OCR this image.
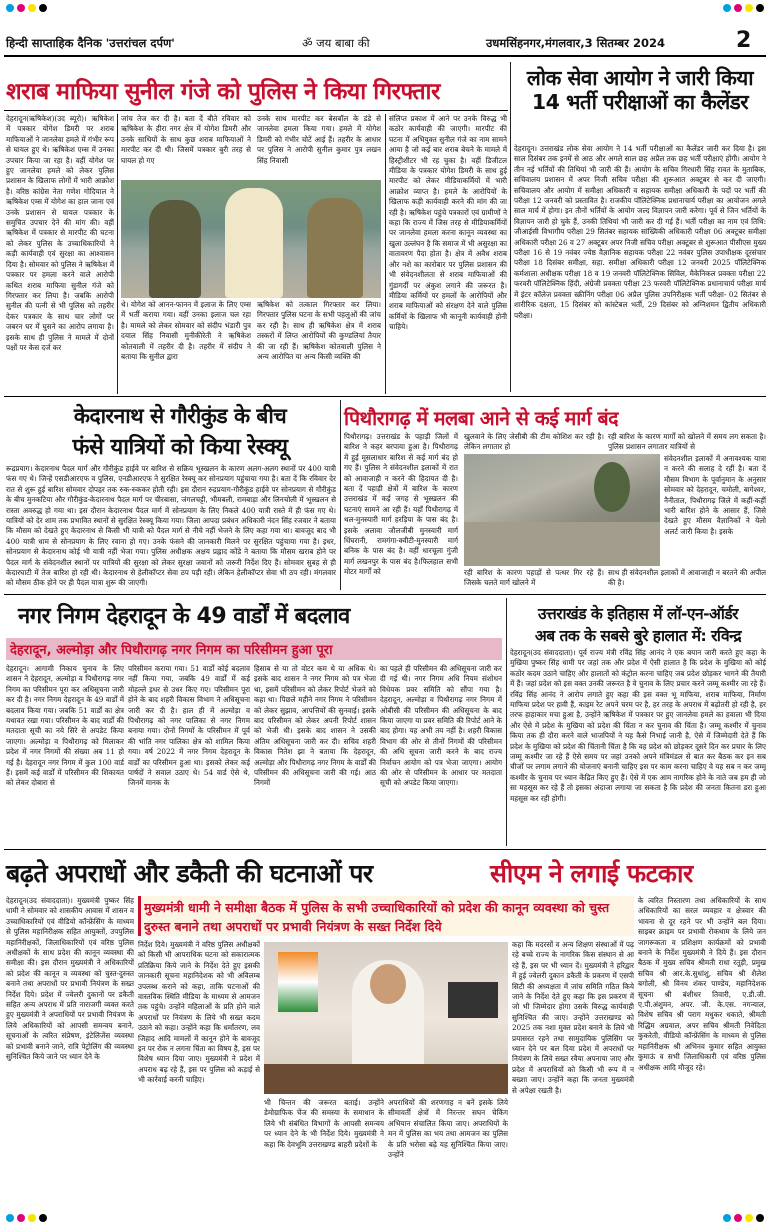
हिन्दी साप्ताहिक दैनिक 'उत्तरांचल दर्पण'	ॐ जय बाबा की	उधमसिंहनगर,मंगलवार,3 सितम्बर 2024	2
शराब माफिया सुनील गंजे को पुलिस ने किया गिरफ्तार
देहरादून(ऋषिकेश)(उद ब्यूरो)। ऋषिकेश में पत्रकार योगेश डिमरी पर शराब माफियाओं ने जानलेवा हमले में गंभीर रूप से घायल हुए थे। ऋषिकेश एम्स में उनका उपचार किया जा रहा है। वहीं योगेश पर हुए जानलेवा हमले को लेकर पुलिस प्रशासन के खिलाफ लोगों में भारी आक्रोश है। वरिष्ठ कांग्रेस नेता गणेश गोदियाल ने ऋषिकेश एम्स में योगेश का हाल जाना एवं उनके प्रशासन से घायल पत्रकार के समुचित उपचार देने की मांग की। वहीं ऋषिकेश में पत्रकार से मारपीट की घटना को लेकर पुलिस के उच्चाधिकारियों ने कड़ी कार्यवाही एवं सुरक्षा का आश्वासन दिया है। सोमवार को पुलिस ने ऋषिकेश में पत्रकार पर हमला करने वाले आरोपी कथित शराब माफिया सुनील गंजे को गिरफ्तार कर लिया है। जबकि आरोपी सुनील की पत्नी से भी पुलिस को तहरीर देकर पत्रकार के साथ चार लोगों पर जबरन घर में घुसने का आरोप लगाया है। इसके साथ ही पुलिस ने मामले में दोनों पक्षों पर केस दर्ज कर
जांच तेज कर दी है। बता दें बीते रविवार को ऋषिकेश के हीरा नगर क्षेत्र में योगेश डिमरी और उनके साथियों के साथ कुछ शराब माफियाओं ने मारपीट कर दी थी। जिसमें पत्रकार बुरी तरह से घायल हो गए
उनके साथ मारपीट कर बेसबॉल के डंडे से जानलेवा हमला किया गया। हमले में योगेश डिमरी को गंभीर चोटें आई हैं। तहरीर के आधार पर पुलिस ने आरोपी सुनील कुमार पुत्र लखन सिंह निवासी
थे। योगेश को आनन-फानन में इलाज के लिए एम्स में भर्ती कराया गया। वहीं उनका इलाज चल रहा है। मामले को लेकर सोमवार को संदीप भंडारी पुत्र दयाल सिंह निवासी मुनीकीरेती ने ऋषिकेश कोतवाली में तहरीर दी है। तहरीर में संदीप ने बताया कि सुनील द्वारा
ऋषिकेश को तत्काल गिरफ्तार कर लिया। गिरफ्तार पुलिस घटना के सभी पहलुओं की जांच कर रही है। साथ ही ऋषिकेश क्षेत्र में शराब तस्करों में लिप्त आरोपियों की कुण्डलियां तैयार की जा रही हैं। ऋषिकेश कोतवाली पुलिस ने अन्य आरोपित या अन्य किसी व्यक्ति की
संलिप्त प्रकाश में आने पर उनके विरुद्ध भी कठोर कार्यवाही की जाएगी। मारपीट की घटना में अभियुक्त सुनील गंजे का नाम सामने आया है जो कई बार शराब बेचने के मामले में हिस्ट्रीशीटर भी रह चुका है। वहीं डिजीटल मीडिया के पत्रकार योगेश डिमरी के साथ हुई मारपीट को लेकर मीडियाकर्मियों में भारी आक्रोश व्याप्त है। हमले के आरोपियों के खिलाफ कड़ी कार्यवाही करने की मांग की जा रही है। ऋषिकेश पहुंचे पत्रकारों एवं ग्रामीणों ने कहा कि राज्य में जिस तरह से मीडियाकर्मियों पर जानलेवा हमला करना कानून व्यवस्था का खुला उल्लंघन है कि समाज में भी असुरक्षा का वातावरण पैदा होता है। क्षेत्र में अवैध शराब और नशे का कारोबार पर पुलिस प्रशासन की भी संवेदनशीलता से शराब माफियाओं की गुंडागर्दी पर अंकुश लगाने की जरूरत है। मीडिया कर्मियों पर हमलों के आरोपियों और शराब माफियाओं को संरक्षण देने वाले पुलिस कर्मियों के खिलाफ भी कानूनी कार्यवाही होनी चाहिये।
लोक सेवा आयोग ने जारी किया 14 भर्ती परीक्षाओं का कैलेंडर
देहरादून। उत्तराखंड लोक सेवा आयोग ने 14 भर्ती परीक्षाओं का कैलेंडर जारी कर दिया है। इस साल दिसंबर तक इनमें से आठ और अगले साल छह अप्रैल तक छह भर्ती परीक्षाएं होंगी। आयोग ने तीन नई भर्तियों की तिथियां भी जारी की हैं। आयोग के सचिव गिरधारी सिंह रावत के मुताबिक, सचिवालय प्रशासन में अपर निजी सचिव परीक्षा की शुरूआत अक्टूबर से कर दी जाएगी। सचिवालय और आयोग में समीक्षा अधिकारी व सहायक समीक्षा अधिकारी के पदों पर भर्ती की परीक्षा 12 जनवरी को प्रस्तावित है। राजकीय पॉलिटेक्निक प्रधानाचार्य परीक्षा का आयोजन अगले साल मार्च में होगा। इन तीनों भर्तियों के आयोग जल्द विज्ञापन जारी करेगा। पूर्व से जिन भर्तियों के विज्ञापन जारी हो चुके हैं, उनकी तिथियां भी जारी कर दी गई हैं। भर्ती परीक्षा का नाम एवं तिथि: जीआईसी विभागीय परीक्षा 29 सितंबर सहायक सांख्यिकी अधिकारी परीक्षा 06 अक्टूबर समीक्षा अधिकारी परीक्षा 26 व 27 अक्टूबर अपर निजी सचिव परीक्षा अक्टूबर से शुरूआत पीसीएस मुख्य परीक्षा 16 से 19 नवंबर ज्येष्ठ वैज्ञानिक सहायक परीक्षा 22 नवंबर पुलिस उपाधीक्षक दूरसंचार परीक्षा 18 दिसंबर समीक्षा, सहा. समीक्षा अधिकारी परीक्षा 12 जनवरी 2025 पॉलिटेक्निक कर्मशाला अधीक्षक परीक्षा 18 व 19 जनवरी पॉलिटेक्निक सिविल, मैकेनिकल प्रवक्ता परीक्षा 22 फरवरी पॉलिटेक्निक हिंदी, अंग्रेजी प्रवक्ता परीक्षा 23 फरवरी पॉलिटेक्निक प्रधानाचार्य परीक्षा मार्च में इंटर कॉलेज प्रवक्ता स्क्रीनिंग परीक्षा 06 अप्रैल पुलिस उपनिरीक्षक भर्ती परीक्षा- 02 सितंबर से शारीरिक दक्षता, 15 दिसंबर को कांस्टेबल भर्ती, 29 दिसंबर को अग्निशमन द्वितीय अधिकारी परीक्षा।
केदारनाथ से गौरीकुंड के बीच
फंसे यात्रियों को किया रेस्क्यू
रूद्रप्रयाग। केदारनाथ पैदल मार्ग और गौरीकुंड हाईवे पर बारिश से सक्रिय भूस्खलन के कारण अलग-अलग स्थानों पर 400 यात्री फंस गए थे। जिन्हें एसडीआरएफ व पुलिस, एनडीआरएफ ने सुरक्षित रेस्क्यू कर सोनप्रयाग पहुंचाया गया है। बता दें कि रविवार देर रात से शुरू हुई बारिश सोमवार दोपहर तक रुक-रुककर होती रही। इस दौरान रुद्रप्रयाग-गौरीकुंड हाईवे पर सोनप्रयाग से गौरीकुंड के बीच मुनकटिया और गौरीकुंड-केदारनाथ पैदल मार्ग पर चीरबासा, जंगलचट्टी, भीमबली, रामबाड़ा और लिनचोली में भूस्खलन से रास्ता अवरुद्ध हो गया था। इस दौरान केदारनाथ पैदल मार्ग में सोनप्रयाग के लिए निकले 400 यात्री रास्ते में ही फंस गए थे। यात्रियों को देर शाम तक प्रभावित स्थानों से सुरक्षित रेस्क्यू किया गया। जिला आपदा प्रबंधन अधिकारी नंदन सिंह रजवार ने बताया कि मौसम को देखते हुए केदारनाथ से किसी भी यात्री को पैदल मार्ग से नीचे नहीं भेजने के लिए कहा गया था। बावजूद बाद भी 400 यात्री धाम से सोनप्रयाग के लिए रवाना हो गए। उनके फंसने की जानकारी मिलने पर सुरक्षित पहुंचाया गया है। इधर, सोनप्रयाग से केदारनाथ कोई भी यात्री नहीं भेजा गया। पुलिस अधीक्षक अक्षय प्रह्लाद कोंडे ने बताया कि मौसम खराब होने पर पैदल मार्ग के संवेदनशील स्थानों पर यात्रियों की सुरक्षा को लेकर सुरक्षा जवानों को जरूरी निर्देश दिए हैं। सोमवार सुबह से ही केदारघाटी में तेज बारिश हो रही थी। केदारनाथ से हेलीकॉप्टर सेवा ठप पड़ी रही। लेकिन हेलीकॉप्टर सेवा भी ठप रही। मंगलवार को मौसम ठीक होने पर ही पैदल यात्रा शुरू की जाएगी।
पिथौरागढ़ में मलबा आने से कई मार्ग बंद
पिथौरागढ़। उत्तराखंड के पहाड़ी जिलों में बारिश ने कहर बरपाया हुआ है। पिथौरागढ़ में हुई मूसलाधार बारिश से कई मार्ग बंद हो गए हैं। पुलिस ने संवेदनशील इलाकों में रात को आवाजाही न करने की हिदायत दी है। बता दें पहाड़ी क्षेत्रों में बारिश के कारण उत्तराखंड में कई जगह से भूस्खलन की घटनाएं सामने आ रही हैं। यहाँ पिथौरागढ़ में थल-मुनस्यारी मार्ग हरड़िया के पास बंद है। इसके अलावा जौलजीबी मुनस्यारी मार्ग धिंघरानी, रामगंगा-क्वीटी-मुनस्यारी मार्ग बनिक के पास बंद है। वहीं धारचूला गुंजी मार्ग लखनपुर के पास बंद है।फिलहाल सभी मोटर मार्गों को
खुलवाने के लिए जेसीबी की टीम कोशिश कर रही है। लेकिन लगातार हो
रही बारिश के कारण मार्गों को खोलने में समय लग सकता है। पुलिस प्रशासन लगातार यात्रियों से
संवेदनशील इलाकों में अनावश्यक यात्रा न करने की सलाह दे रहीं है। बता दें मौसम विभाग के पूर्वानुमान के अनुसार सोमवार को देहरादून, चमोली, बागेश्वर, नैनीताल, पिथौरागढ़ जिले में कहीं-कहीं भारी बारिश होने के आसार हैं, जिसे देखते हुए मौसम वैज्ञानिकों ने येलो अलर्ट जारी किया है। इसके
रही बारिश के कारण पहाड़ों से पत्थर गिर रहे हैं। जिसके चलते मार्ग खोलने में
साथ ही संवेदनशील इलाकों में आवाजाही न बरतने की अपील की है।
नगर निगम देहरादून के 49 वार्डों में बदलाव
देहरादून, अल्मोड़ा और पिथौरागढ़ नगर निगम का परिसीमन हुआ पूरा
देहरादून। आगामी निकाय चुनाव के लिए शासन ने देहरादून, अल्मोड़ा व पिथौरागढ़ नगर निगम का परिसीमन पूरा कर अधिसूचना जारी कर दी है। नगर निगम देहरादून के 49 वार्डों में बदलाव किया गया। जबकि 51 वार्डों का क्षेत्र यथावत रखा गया। परिसीमन के बाद वार्डों की मतदाता सूची का नये सिरे से अपडेट किया जाएगा। अल्मोड़ा व पिथौरागढ़ को मिलाकर प्रदेश में नगर निगमों की संख्या अब 11 हो गई है। देहरादून नगर निगम में कुल 100 वार्ड हैं। इसमें कई वार्डों में परिसीमन की शिकायत को लेकर दोबारा से
परिसीमन कराया गया। 51 वार्डों कोई बदलाव नहीं किया गया, जबकि 49 वार्डों में कई मोहल्ले इधर से उधर किए गए। परिसीमन पूरा होने के बाद शहरी विकास विभाग ने अधिसूचना जारी कर दी है। हाल ही में अल्मोड़ा व पिथौरागढ़ को नगर पालिका से नगर निगम बनाया गया। दोनों निगमों के परिसीमन में पूर्व की भांति नगर पालिका क्षेत्र को शामिल किया गया। वर्ष 2022 में नगर निगम देहरादून के वार्डों का परिसीमन हुआ था। इसको लेकर कई पार्षदों ने सवाल उठाए थे। 54 वार्ड ऐसे थे, जिनमें मानक के
हिसाब से या तो वोटर कम थे या अधिक थे। इसके बाद शासन ने नगर निगम को पत्र भेजा था, इसमें परिसीमन को लेकर रिपोर्ट भेजने को कहा था। पिछले महीने नगर निगम ने परिसीमन को लेकर सुझाव, आपत्तियों की सुनवाई। इसके बाद परिसीमन को लेकर अपनी रिपोर्ट शासन को भेजी थी। इसके बाद शासन ने उसकी अंतिम अधिसूचना जारी कर दी। सचिव शहरी विकास नितेश झा ने बताया कि देहरादून, अल्मोड़ा और पिथौरागढ़ नगर निगम के वार्डों की परिसीमन की अधिसूचना जारी की गई। आठ निगमों
का पहले ही परिसीमन की अधिसूचना जारी कर दी गई थी। नगर निगम अधि नियम संशोधन विधेयक प्रवर समिति को सौंपा गया है। देहरादून, अल्मोड़ा व पिथौरागढ़ नगर निगम में ओबीसी की परिसीमन की अधिसूचना के बाद किया जाएगा या प्रवर समिति की रिपोर्ट आने के बाद होगा। यह अभी तय नहीं है। शहरी विकास विभाग की ओर से तीनों निगमों की परिसीमन की अधि सूचना जारी करने के बाद राज्य निर्वाचन आयोग को पत्र भेजा जाएगा। आयोग की ओर से परिसीमन के आधार पर मतदाता सूची को अपडेट किया जाएगा।
उत्तराखंड के इतिहास में लॉ-एन-ऑर्डर
अब तक के सबसे बुरे हालात में: रविन्द्र
देहरादून(उद संवाददाता)। पूर्व राज्य मंत्री रविंद्र सिंह आनंद ने एक बयान जारी करते हुए कहा के मुखिया पुष्कर सिंह धामी पर जहां तक और प्रदेश में ऐसी हालात है कि प्रदेश के मुखिया को कोई कठोर कदम उठाने चाहिए और हालातों को कंट्रोल करना चाहिए जब प्रदेश छोड़कर भागने की तैयारी में हैं। जहां प्रदेश को इस वक्त उनकी जरूरत है वे चुनाव के लिए प्रचार करने जम्मू कश्मीर जा रहे हैं। रविंद्र सिंह आनंद ने आरोप लगाते हुए कहा की इस वक्त भू माफिया, शराब माफिया, निर्माण माफिया प्रदेश पर हावी हैं, काइम रेट अपने चरम पर है, हर तरह के अपराध में बढ़ोतरी हो रही है, हर तरफ हाहाकार मचा हुआ है, उन्होंने ऋषिकेश में पत्रकार पर हुए जानलेवा हमले का हवाला भी दिया और ऐसे में प्रदेश के मुखिया को प्रदेश की चिंता न कर चुनाव की चिंता है। जम्मू कश्मीर में चुनाव किया तक ही दौरा करने वाले भाजपियों ने यह कैसे निभाई जानी है, ऐसे में जिम्मेदारी देते हैं कि प्रदेश के मुखिया को प्रदेश की चिंतानी चिंता है कि वह प्रदेश को छोड़कर दूसरे दिन कर प्रचार के लिए जम्मू कश्मीर जा रहे हैं ऐसे समय पर जहां उनको अपने मंत्रिमंडल से बात कर बैठक कर इन सब चीजों पर लगाम लगाने की योजनाएं बनानी चाहिए इस पर काम करना चाहिए वे यह सब न कर जम्मू कश्मीर के चुनाव पर ध्यान केंद्रित किए हुए हैं। ऐसे में एक आम नागरिक होने के नाते जब हम ही जो सा महसूस कर रहे हैं तो इसका अंदाजा लगाया जा सकता है कि प्रदेश की जनता कितना डरा हुआ महसूस कर रही होगी।
बढ़ते अपराधों और डकैती की घटनाओं पर	सीएम ने लगाई फटकार
देहरादून(उद संवाददाता)। मुख्यमंत्री पुष्कर सिंह धामी ने सोमवार को शासकीय आवास में शासन व उच्चाधिकारियों एवं वीडियो कॉन्फ्रेंसिंग के माध्यम से पुलिस महानिरीक्षक सहित आयुक्तों, उपपुलिस महानिरीक्षकों, जिलाधिकारियों एवं वरिष्ठ पुलिस अधीक्षकों के साथ प्रदेश की कानून व्यवस्था की समीक्षा की। इस दौरान मुख्यमंत्री ने अधिकारियों को प्रदेश की कानून व व्यवस्था को चुस्त-दुरुस्त बनाने तथा अपराधों पर प्रभावी नियंत्रण के सख्त निर्देश दिये। प्रदेश में ज्वेलरी दुकानों पर डकैती सहित अन्य अपराध में प्रति नाराजगी व्यक्त करते हुए मुख्यमंत्री ने अपराधियों पर प्रभावी नियंत्रण के लिये अधिकारियों को आपसी समन्वय बनाने, सूचनाओं के त्वरित संप्रेषण, इंटेलिजेंस व्यवस्था को प्रभावी बनाने जाने, रात्रि पेट्रोलिंग की व्यवस्था सुनिश्चित किये जाने पर ध्यान देने के
मुख्यमंत्री धामी ने समीक्षा बैठक में पुलिस के सभी उच्चाधिकारियों को प्रदेश की कानून व्यवस्था को चुस्त दुरुस्त बनाने तथा अपराधों पर प्रभावी नियंत्रण के सख्त निर्देश दिये
निर्देश दिये। मुख्यमंत्री ने वरिष्ठ पुलिस अधीक्षकों को किसी भी आपराधिक घटना को सकारात्मक प्रतिक्रिया किये जाने के निर्देश देते हुए इसकी जानकारी सूचना महानिदेशक को भी अविलम्ब उपलब्ध कराने को कहा, ताकि घटनाओं की वास्तविक स्थिति मीडिया के माध्यम से आमजन तक पहुंचे। उन्होंने महिलाओं के प्रति होने वाले अपराधों पर नियंत्रण के लिये भी सख्त कदम उठाने को कहा। उन्होंने कहा कि धर्मांतरण, लव जिहाद आदि मामलों में कानून होने के बावजूद इन पर रोक न लगना चिंता का विषय है, इस पर विशेष ध्यान दिया जाए। मुख्यमंत्री ने प्रदेश में अपराध बढ़ रहे हैं, इस पर पुलिस को कड़ाई से भी कार्रवाई करनी चाहिए।
भी चिन्तन की जरूरत बताई। उन्होंने डेमोग्राफिक चेंज की समस्या के समाधान के लिये भी संबंधित विभागों के आपसी समन्वय पर ध्यान देने के भी निर्देश दिये। मुख्यमंत्री ने कहा कि देवभूमि उत्तराखण्ड बाहरी प्रदेशों के
अपराधियों की शरणगाह न बनें इसके लिये सीमावर्ती क्षेत्रों में निरन्तर सघन चेकिंग अभियान संचालित किया जाए। अपराधियों के मन में पुलिस का भय तथा आमजन का पुलिस के प्रति भरोसा बढ़े यह सुनिश्चित किया जाए। उन्होंने
कहा कि मदरसों व अन्य शिक्षण संस्थाओं में पढ़ रहे बच्चे राज्य के नागरिक किस संस्थान से आ रहे हैं, इस पर भी ध्यान दें। मुख्यमंत्री ने हरिद्वार में हुई ज्वेलरी दुकान डकैती के प्रकरण में एसपी सिटी की अध्यक्षता में जांच समिति गठित किये जाने के निर्देश देते हुए कहा कि इस प्रकरण में जो भी जिम्मेदार होगा उसके विरुद्ध कार्यवाही सुनिश्चित की जाए। उन्होंने उत्तराखण्ड को 2025 तक नशा मुक्त प्रदेश बनाने के लिये भी प्रयासरत रहने तथा सामुदायिक पुलिसिंग पर ध्यान देने पर बल दिया प्रदेश में अपराधों पर नियंत्रण के लिये सख्त रवैया अपनाया जाए और प्रदेश में अपराधियों को किसी भी रूप में न बख्शा जाए। उन्होंने कहा कि जनता मुख्यमंत्री से अपेक्षा रखती है।
के त्वरित निस्तारण तथा अधिकारियों के साथ अधिकारियों का सरल व्यवहार व क्षेत्रवार की भावना से दूर रहने पर भी उन्होंने बल दिया। साइबर क्राइम पर प्रभावी रोकथाम के लिये जन जागरूकता व प्रशिक्षण कार्यक्रमों को प्रभावी बनाने के निर्देश मुख्यमंत्री ने दिये हैं। इस दौरान बैठक में मुख्य सचिव श्रीमती राधा रतूड़ी, प्रमुख सचिव श्री आर.के.सुधांशु, सचिव श्री शैलेश बगोली, श्री विनय शंकर पाण्डेय, महानिदेशक सूचना श्री बंशीधर तिवारी, ए.डी.जी. ए.पी.अंशुमन, अपर. जी. के.एस. नगन्याल, विशेष सचिव श्री पराग मधुकर धकाते, श्रीमती रिद्धिम अग्रवाल, अपर सचिव श्रीमती निवेदिता कुकरेती, वीडियो कॉन्फ्रेंसिंग के माध्यम से पुलिस महानिरीक्षक श्री अभिनव कुमार सहित आयुक्त कुमाऊं व सभी जिलाधिकारी एवं वरिष्ठ पुलिस अधीक्षक आदि मौजूद रहे।
